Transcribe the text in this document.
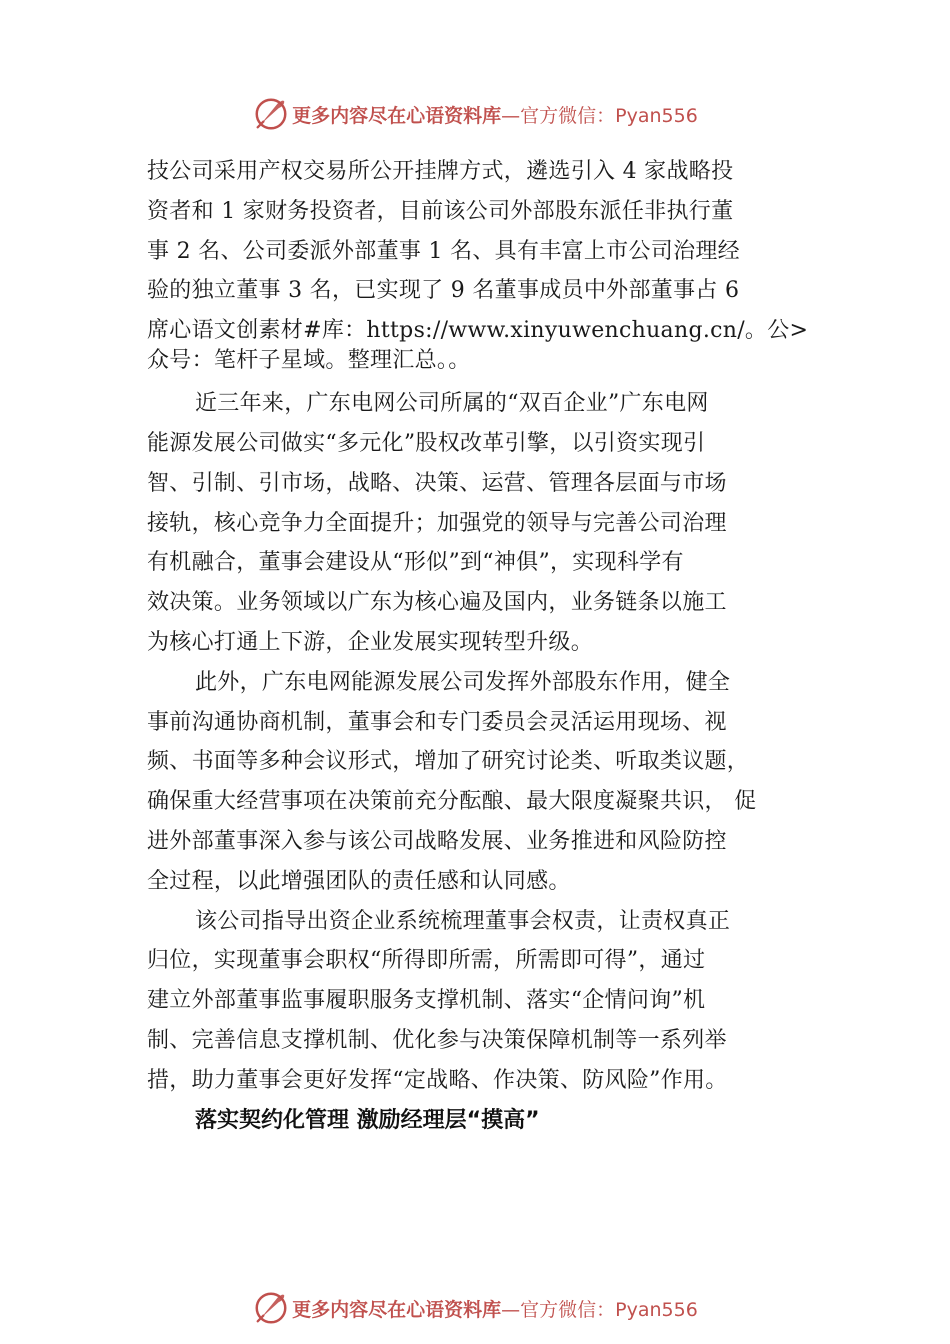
更多内容尽在心语资料库 —官方微信：Pyan556
技公司采用产权交易所公开挂牌方式，遴选引入 4 家战略投
资者和 1 家财务投资者，目前该公司外部股东派任非执行董
事 2 名、公司委派外部董事 1 名、具有丰富上市公司治理经
验的独立董事 3 名，已实现了 9 名董事成员中外部董事占 6
席心语文创素材#库：https://www.xinyuwenchuang.cn/。公>
众号：笔杆子星域。整理汇总。。
近三年来，广东电网公司所属的“双百企业”广东电网
能源发展公司做实“多元化”股权改革引擎，以引资实现引
智、引制、引市场，战略、决策、运营、管理各层面与市场
接轨，核心竞争力全面提升；加强党的领导与完善公司治理
有机融合，董事会建设从“形似”到“神俱”，实现科学有
效决策。业务领域以广东为核心遍及国内，业务链条以施工
为核心打通上下游，企业发展实现转型升级。
此外，广东电网能源发展公司发挥外部股东作用，健全
事前沟通协商机制，董事会和专门委员会灵活运用现场、视
频、书面等多种会议形式，增加了研究讨论类、听取类议题，
确保重大经营事项在决策前充分酝酿、最大限度凝聚共识， 促
进外部董事深入参与该公司战略发展、业务推进和风险防控
全过程，以此增强团队的责任感和认同感。
该公司指导出资企业系统梳理董事会权责，让责权真正
归位，实现董事会职权“所得即所需，所需即可得”，通过
建立外部董事监事履职服务支撑机制、落实“企情问询”机
制、完善信息支撑机制、优化参与决策保障机制等一系列举
措，助力董事会更好发挥“定战略、作决策、防风险”作用。
落实契约化管理 激励经理层“摸高”
更多内容尽在心语资料库 —官方微信：Pyan556
